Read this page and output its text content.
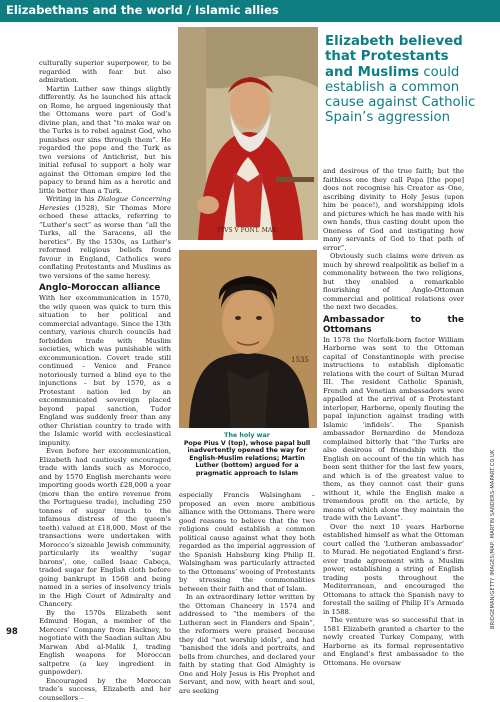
Elizabethans and the world / Islamic allies

culturally superior superpower, to be regarded with fear but also admiration.

Martin Luther saw things slightly differently. As he launched his attack on Rome, he argued ingeniously that the Ottomans were part of God’s divine plan, and that “to make war on the Turks is to rebel against God, who punishes our sins through them”. He regarded the pope and the Turk as two versions of Antichrist, but his initial refusal to support a holy war against the Ottoman empire led the papacy to brand him as a heretic and little better than a Turk.

Writing in his Dialogue Concerning Heresies (1528), Sir Thomas More echoed these attacks, referring to “Luther’s sect” as worse than “all the Turks, all the Saracens, all the heretics”. By the 1530s, as Luther’s reformed religious beliefs found favour in England, Catholics were conflating Protestants and Muslims as two versions of the same heresy.

Anglo-Moroccan alliance

With her excommunication in 1570, the wily queen was quick to turn this situation to her political and commercial advantage. Since the 13th century, various church councils had forbidden trade with Muslim societies, which was punishable with excommunication. Covert trade still continued – Venice and France notoriously turned a blind eye to the injunctions – but by 1570, as a Protestant nation led by an excommunicated sovereign placed beyond papal sanction, Tudor England was suddenly freer than any other Christian country to trade with the Islamic world with ecclesiastical impunity.

Even before her excommunication, Elizabeth had cautiously encouraged trade with lands such as Morocco, and by 1570 English merchants were importing goods worth £28,000 a year (more than the entire revenue from the Portuguese trade), including 250 tonnes of sugar (much to the infamous distress of the queen’s teeth) valued at £18,000. Most of the transactions were undertaken with Morocco’s sizeable Jewish community, particularly its wealthy ‘sugar barons’, one, called Isaac Cabeça, traded sugar for English cloth before going bankrupt in 1568 and being named in a series of insolvency trials in the High Court of Admiralty and Chancery.

By the 1570s Elizabeth sent Edmund Hogan, a member of the Mercers’ Company from Hackney, to negotiate with the Saadian sultan Abu Marwan Abd al-Malik I, trading English weapons for Moroccan saltpetre (a key ingredient in gunpowder).

Encouraged by the Moroccan trade’s success, Elizabeth and her counsellors –

PIVS V PONT. MAX.
1535
The holy war
Pope Pius V (top), whose papal bull inadvertently opened the way for English-Muslim relations; Martin Luther (bottom) argued for a pragmatic approach to Islam

especially Francis Walsingham – proposed an even more ambitious alliance with the Ottomans. There were good reasons to believe that the two religions could establish a common political cause against what they both regarded as the imperial aggression of the Spanish Habsburg king Philip II. Walsingham was particularly attracted to the Ottomans’ wooing of Protestants by stressing the commonalities between their faith and that of Islam.

In an extraordinary letter written by the Ottoman Chancery in 1574 and addressed to “the members of the Lutheran sect in Flanders and Spain”, the reformers were praised because they did “not worship idols”, and had “banished the idols and portraits, and bells from churches, and declared your faith by stating that God Almighty is One and Holy Jesus is His Prophet and Servant, and now, with heart and soul, are seeking

Elizabeth believed that Protestants and Muslims could establish a common cause against Catholic Spain’s aggression

and desirous of the true faith; but the faithless one they call Papa [the pope] does not recognise his Creator as One, ascribing divinity to Holy Jesus (upon him be peace!), and worshipping idols and pictures which he has made with his own hands, thus casting doubt upon the Oneness of God and instigating how many servants of God to that path of error”.

Obviously such claims were driven as much by shrewd realpolitik as belief in a commonality between the two religions, but they enabled a remarkable flourishing of Anglo-Ottoman commercial and political relations over the next two decades.

Ambassador to the Ottomans

In 1578 the Norfolk-born factor William Harborne was sent to the Ottoman capital of Constantinople with precise instructions to establish diplomatic relations with the court of Sultan Murad III. The resident Catholic Spanish, French and Venetian ambassadors were appalled at the arrival of a Protestant interloper, Harborne, openly flouting the papal injunction against trading with Islamic ‘infidels’. The Spanish ambassador Bernardino de Mendoza complained bitterly that “the Turks are also desirous of friendship with the English on account of the tin which has been sent thither for the last few years, and which is of the greatest value to them, as they cannot cast their guns without it, while the English make a tremendous profit on the article, by means of which alone they maintain the trade with the Levant”.

Over the next 10 years Harborne established himself as what the Ottoman court called the ‘Lutheran ambassador’ to Murad. He negotiated England’s first-ever trade agreement with a Muslim power, establishing a string of English trading posts throughout the Mediterranean, and encouraged the Ottomans to attack the Spanish navy to forestall the sailing of Philip II’s Armada in 1588.

The venture was so successful that in 1581 Elizabeth granted a charter to the newly created Turkey Company, with Harborne as its formal representative and England’s first ambassador to the Ottomans. He oversaw

BRIDGEMAN/GETTY IMAGES/MAP: MARTIN SANDERS-MAPART.CO.UK
98
